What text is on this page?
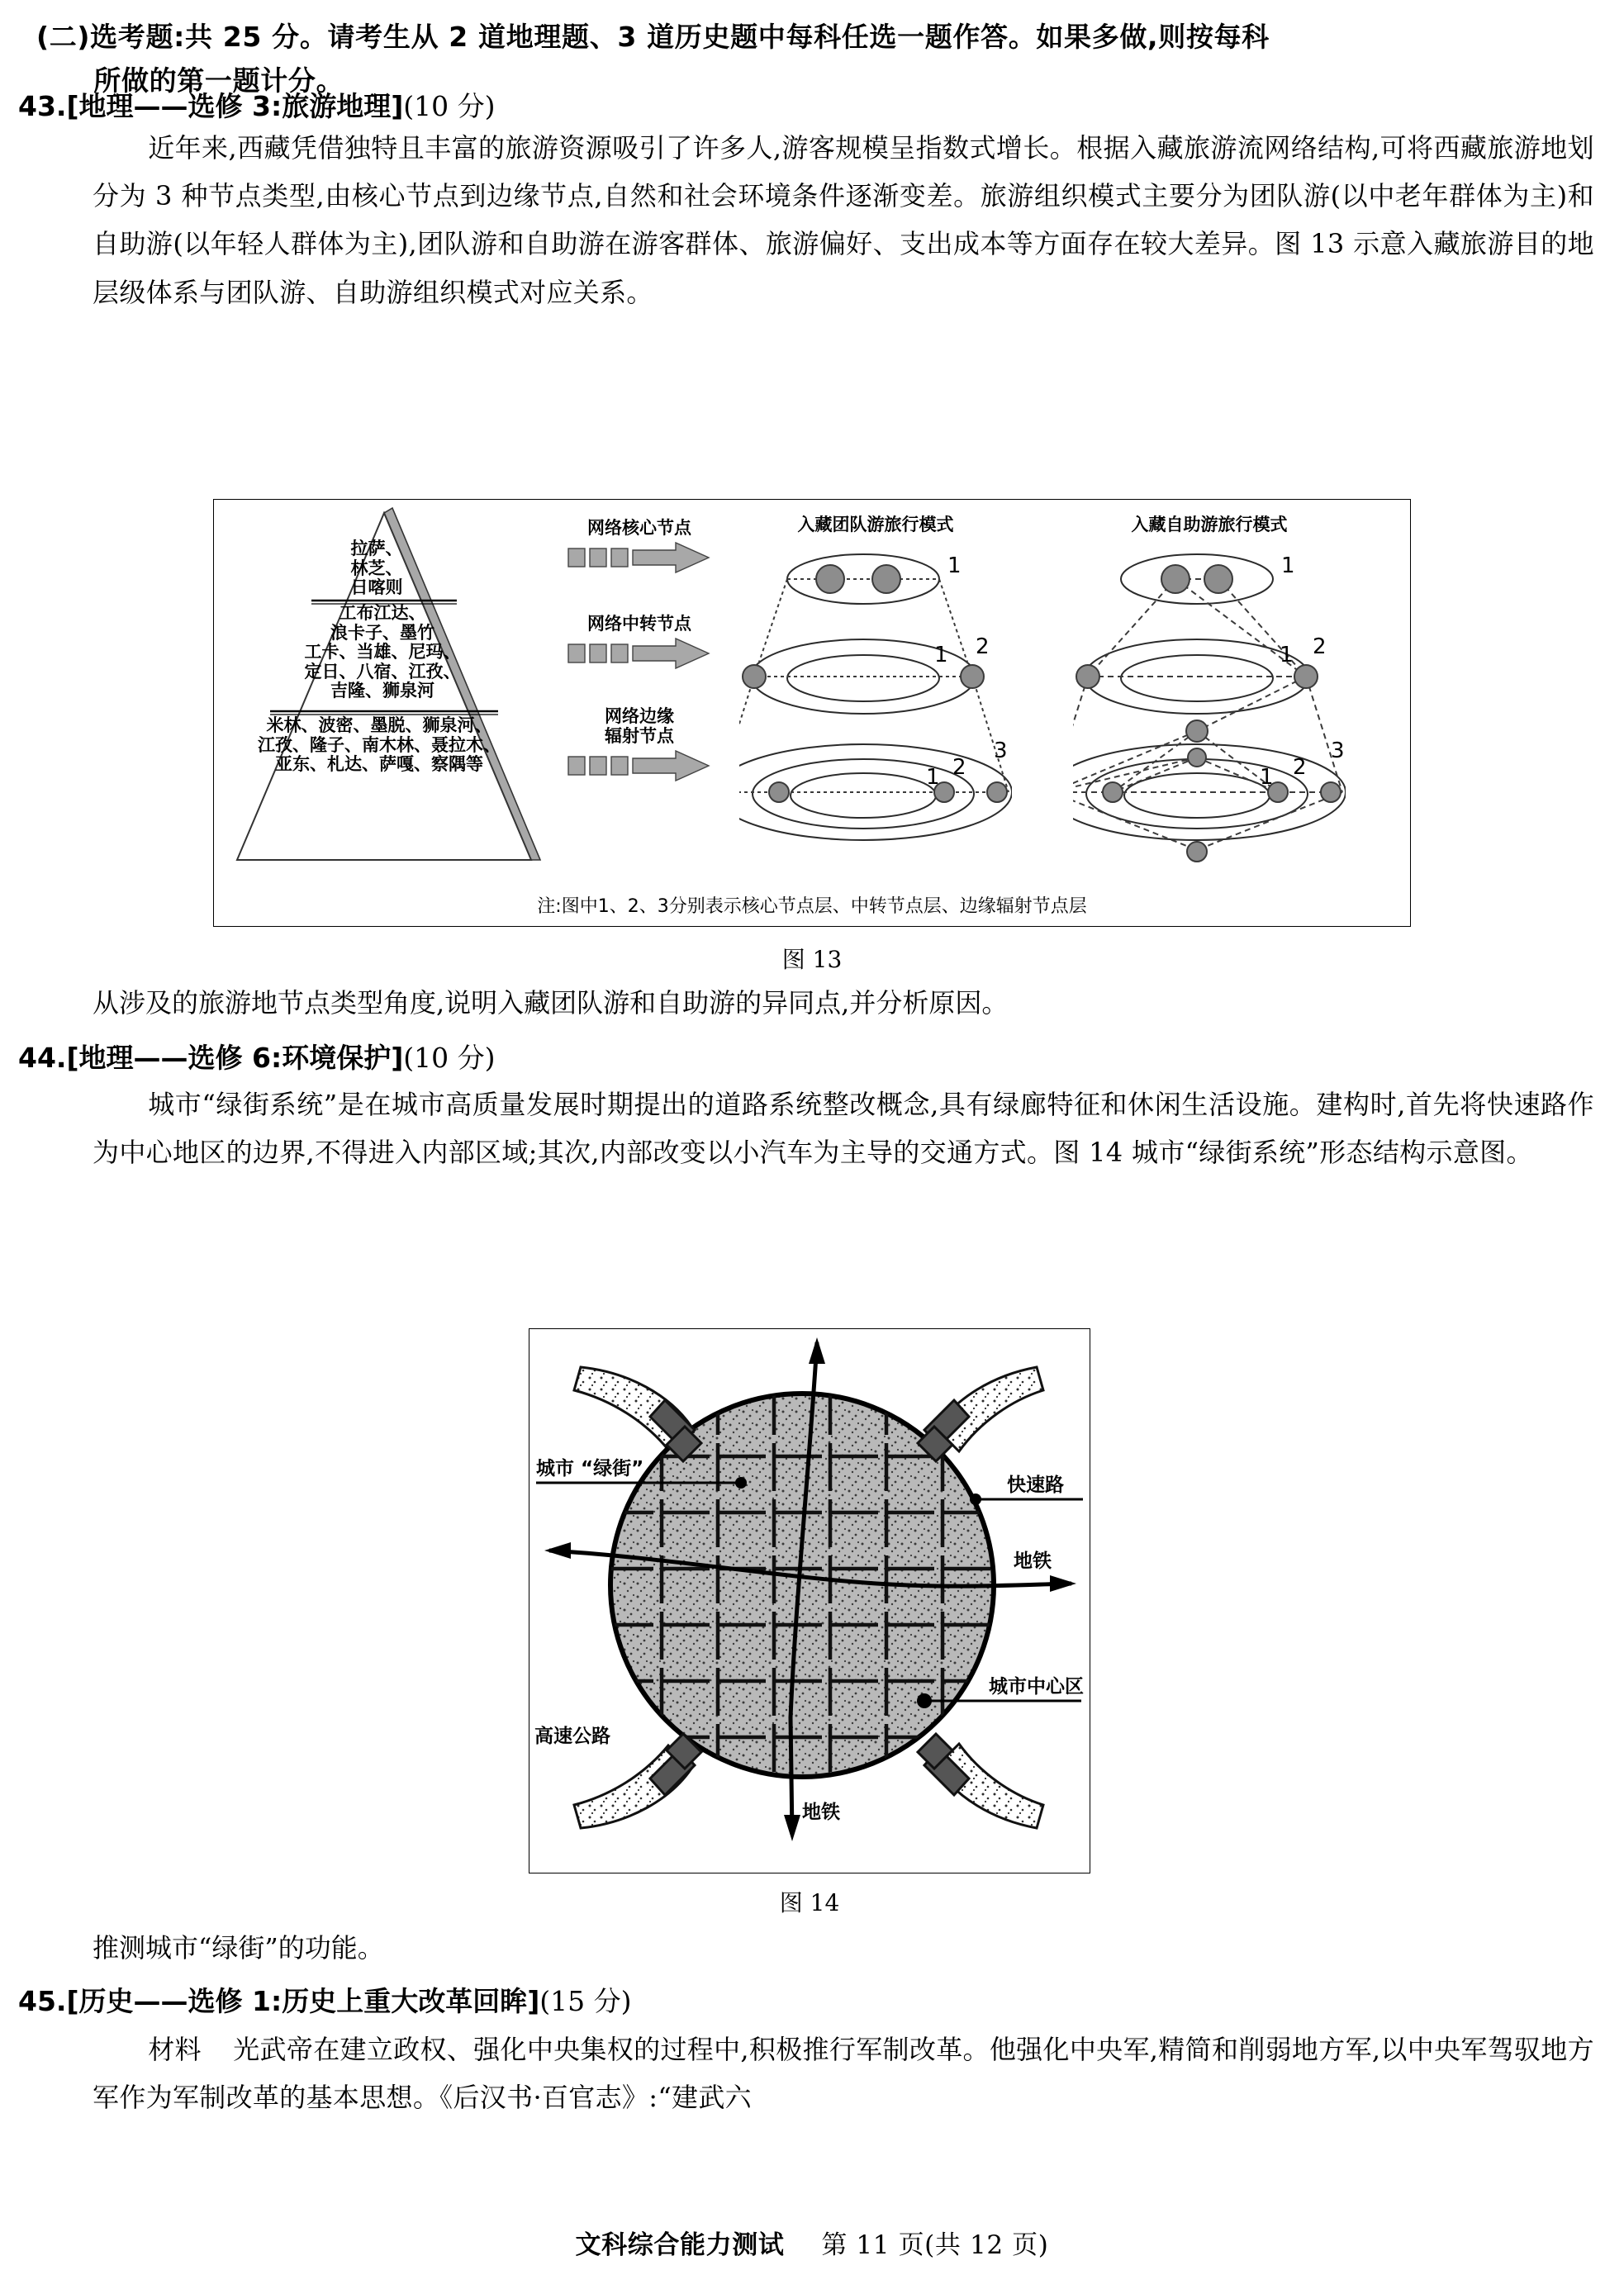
(二)选考题:共 25 分。请考生从 2 道地理题、3 道历史题中每科任选一题作答。如果多做,则按每科
所做的第一题计分。
43.[地理——选修 3:旅游地理](10 分)
近年来,西藏凭借独特且丰富的旅游资源吸引了许多人,游客规模呈指数式增长。根据入藏旅游流网络结构,可将西藏旅游地划分为 3 种节点类型,由核心节点到边缘节点,自然和社会环境条件逐渐变差。旅游组织模式主要分为团队游(以中老年群体为主)和自助游(以年轻人群体为主),团队游和自助游在游客群体、旅游偏好、支出成本等方面存在较大差异。图 13 示意入藏旅游目的地层级体系与团队游、自助游组织模式对应关系。
拉萨、
林芝、
日喀则
工布江达、
浪卡子、墨竹
工卡、当雄、尼玛、
定日、八宿、江孜、
吉隆、狮泉河
米林、波密、墨脱、狮泉河、
江孜、隆子、南木林、聂拉木、
亚东、札达、萨嘎、察隅等
网络核心节点
网络中转节点
网络边缘
辐射节点
入藏团队游旅行模式
1
2
1
3
2
1
入藏自助游旅行模式
1
2
1
3
2
1
注:图中1、2、3分别表示核心节点层、中转节点层、边缘辐射节点层
图 13
从涉及的旅游地节点类型角度,说明入藏团队游和自助游的异同点,并分析原因。
44.[地理——选修 6:环境保护](10 分)
城市“绿街系统”是在城市高质量发展时期提出的道路系统整改概念,具有绿廊特征和休闲生活设施。建构时,首先将快速路作为中心地区的边界,不得进入内部区域;其次,内部改变以小汽车为主导的交通方式。图 14 城市“绿街系统”形态结构示意图。
城市 “绿街”
快速路
地铁
城市中心区
高速公路
地铁
图 14
推测城市“绿街”的功能。
45.[历史——选修 1:历史上重大改革回眸](15 分)
材料 光武帝在建立政权、强化中央集权的过程中,积极推行军制改革。他强化中央军,精简和削弱地方军,以中央军驾驭地方军作为军制改革的基本思想。《后汉书·百官志》:“建武六
文科综合能力测试 第 11 页(共 12 页)
